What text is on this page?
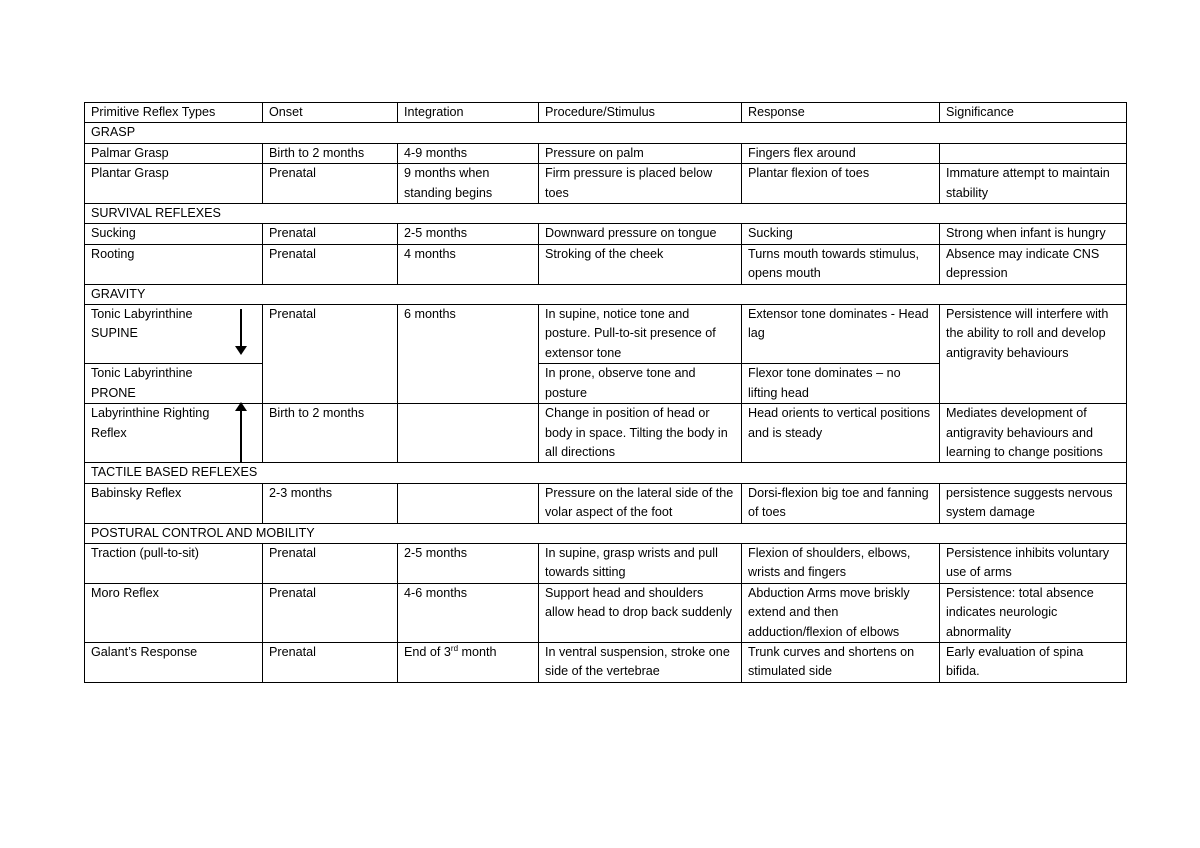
Primitive Reflex Types	Onset	Integration	Procedure/Stimulus	Response	Significance
GRASP					
Palmar Grasp	Birth to 2 months	4-9 months	Pressure on palm	Fingers flex around	
Plantar Grasp	Prenatal	9 months when standing begins	Firm pressure is placed below toes	Plantar flexion of toes	Immature attempt to maintain stability
SURVIVAL REFLEXES					
Sucking	Prenatal	2-5 months	Downward pressure on tongue	Sucking	Strong when infant is hungry
Rooting	Prenatal	4 months	Stroking of the cheek	Turns mouth towards stimulus, opens mouth	Absence may indicate CNS depression
GRAVITY					

Tonic Labyrinthine SUPINE	Prenatal	6 months	In supine, notice tone and posture. Pull-to-sit presence of extensor tone	Extensor tone dominates - Head lag	Persistence will interfere with the ability to roll and develop antigravity behaviours

Tonic Labyrinthine PRONE			In prone, observe tone and posture	Flexor tone dominates – no lifting head	

Labyrinthine Righting Reflex	Birth to 2 months		Change in position of head or body in space. Tilting the body in all directions	Head orients to vertical positions and is steady	Mediates development of antigravity behaviours and learning to change positions
TACTILE BASED REFLEXES					
Babinsky Reflex	2-3 months		Pressure on the lateral side of the volar aspect of the foot	Dorsi-flexion big toe and fanning of toes	persistence suggests nervous system damage
POSTURAL CONTROL AND MOBILITY					
Traction (pull-to-sit)	Prenatal	2-5 months	In supine, grasp wrists and pull towards sitting	Flexion of shoulders, elbows, wrists and fingers	Persistence inhibits voluntary use of arms
Moro Reflex	Prenatal	4-6 months	Support head and shoulders allow head to drop back suddenly	Abduction Arms move briskly extend and then adduction/flexion of elbows	Persistence: total absence indicates neurologic abnormality
Galant’s Response	Prenatal	End of 3rd month	In ventral suspension, stroke one side of the vertebrae	Trunk curves and shortens on stimulated side	Early evaluation of spina bifida.
